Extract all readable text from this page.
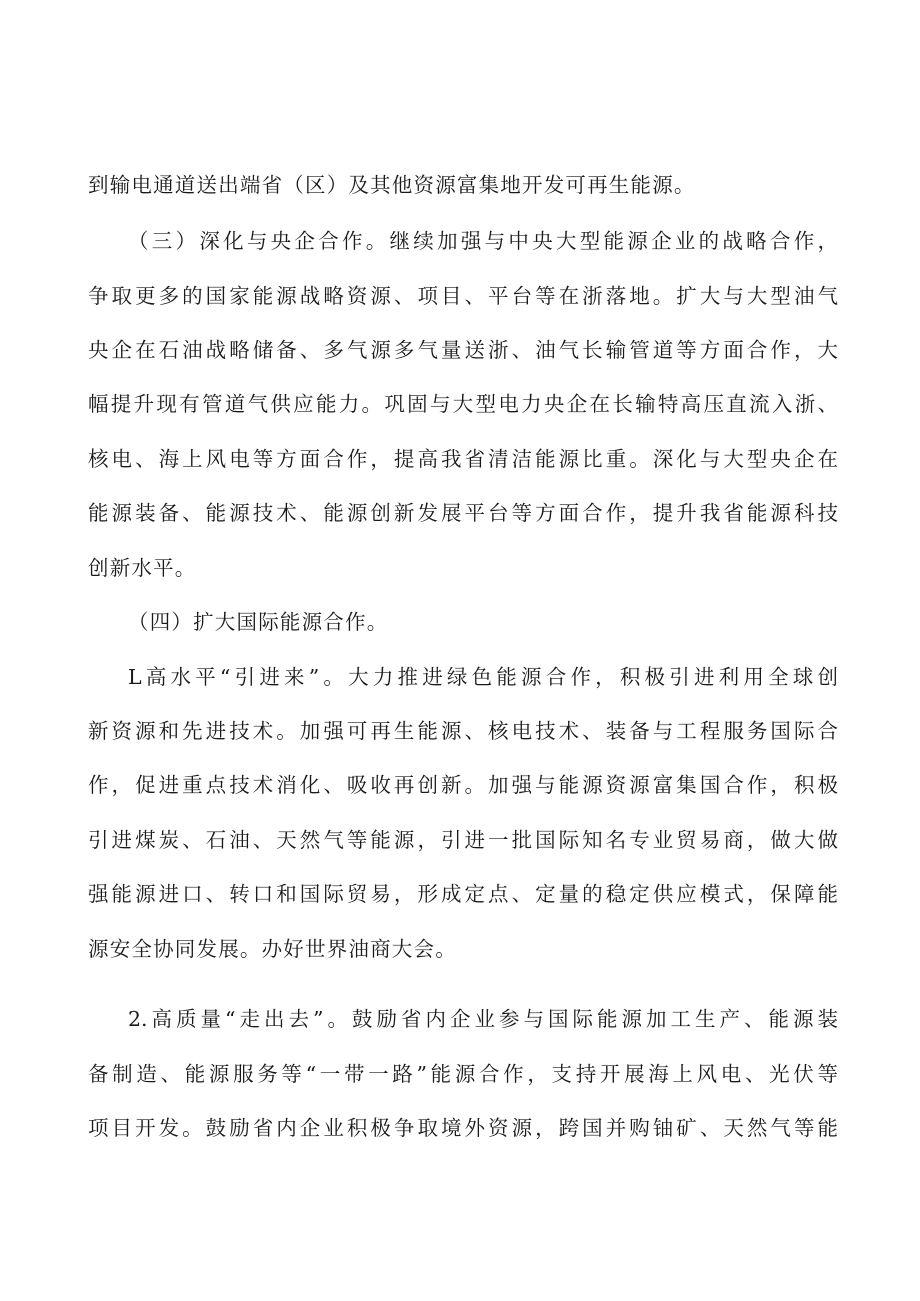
到输电通道送出端省（区）及其他资源富集地开发可再生能源。
（三）深化与央企合作。继续加强与中央大型能源企业的战略合作，
争取更多的国家能源战略资源、项目、平台等在浙落地。扩大与大型油气
央企在石油战略储备、多气源多气量送浙、油气长输管道等方面合作，大
幅提升现有管道气供应能力。巩固与大型电力央企在长输特高压直流入浙、
核电、海上风电等方面合作，提高我省清洁能源比重。深化与大型央企在
能源装备、能源技术、能源创新发展平台等方面合作，提升我省能源科技
创新水平。
（四）扩大国际能源合作。
L高水平“引进来”。大力推进绿色能源合作，积极引进利用全球创
新资源和先进技术。加强可再生能源、核电技术、装备与工程服务国际合
作，促进重点技术消化、吸收再创新。加强与能源资源富集国合作，积极
引进煤炭、石油、天然气等能源，引进一批国际知名专业贸易商，做大做
强能源进口、转口和国际贸易，形成定点、定量的稳定供应模式，保障能
源安全协同发展。办好世界油商大会。
2.高质量“走出去”。鼓励省内企业参与国际能源加工生产、能源装
备制造、能源服务等“一带一路”能源合作，支持开展海上风电、光伏等
项目开发。鼓励省内企业积极争取境外资源，跨国并购铀矿、天然气等能
